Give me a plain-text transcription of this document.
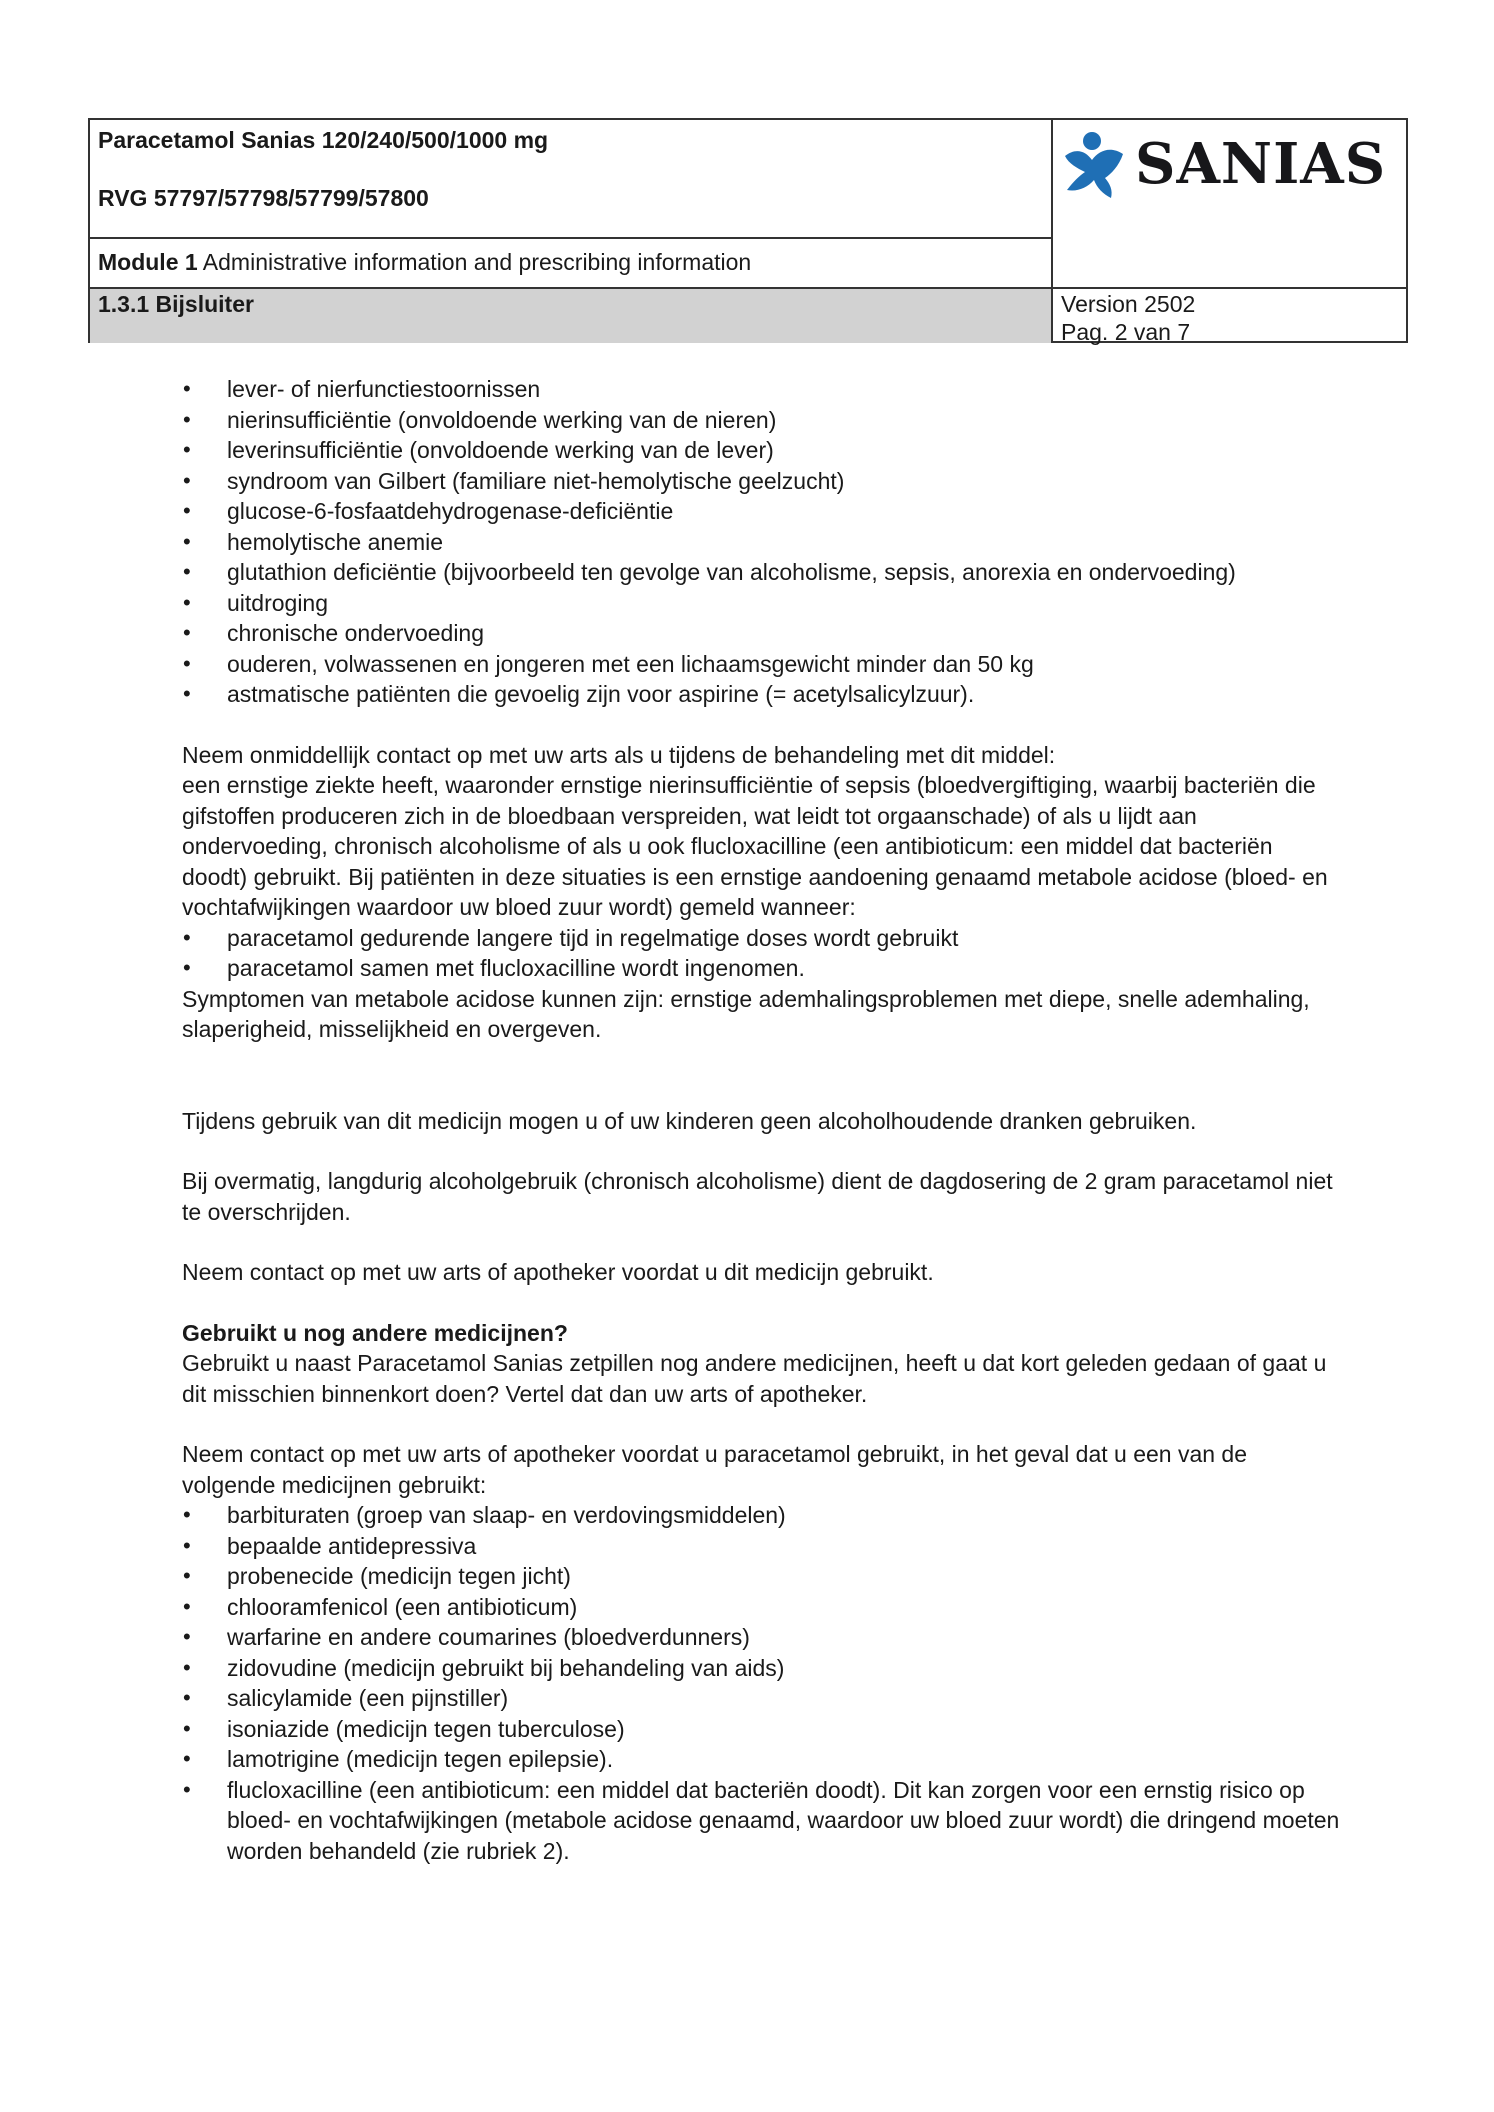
Paracetamol Sanias 120/240/500/1000 mg
RVG 57797/57798/57799/57800
SANIAS
Module 1 Administrative information and prescribing information
1.3.1 Bijsluiter	Version 2502
Pag. 2 van 7
• lever- of nierfunctiestoornissen
• nierinsufficiëntie (onvoldoende werking van de nieren)
• leverinsufficiëntie (onvoldoende werking van de lever)
• syndroom van Gilbert (familiare niet-hemolytische geelzucht)
• glucose-6-fosfaatdehydrogenase-deficiëntie
• hemolytische anemie
• glutathion deficiëntie (bijvoorbeeld ten gevolge van alcoholisme, sepsis, anorexia en ondervoeding)
• uitdroging
• chronische ondervoeding
• ouderen, volwassenen en jongeren met een lichaamsgewicht minder dan 50 kg
• astmatische patiënten die gevoelig zijn voor aspirine (= acetylsalicylzuur).

Neem onmiddellijk contact op met uw arts als u tijdens de behandeling met dit middel:

een ernstige ziekte heeft, waaronder ernstige nierinsufficiëntie of sepsis (bloedvergiftiging, waarbij bacteriën die gifstoffen produceren zich in de bloedbaan verspreiden, wat leidt tot orgaanschade) of als u lijdt aan ondervoeding, chronisch alcoholisme of als u ook flucloxacilline (een antibioticum: een middel dat bacteriën doodt) gebruikt. Bij patiënten in deze situaties is een ernstige aandoening genaamd metabole acidose (bloed- en vochtafwijkingen waardoor uw bloed zuur wordt) gemeld wanneer:

• paracetamol gedurende langere tijd in regelmatige doses wordt gebruikt
• paracetamol samen met flucloxacilline wordt ingenomen.

Symptomen van metabole acidose kunnen zijn: ernstige ademhalingsproblemen met diepe, snelle ademhaling, slaperigheid, misselijkheid en overgeven.

Tijdens gebruik van dit medicijn mogen u of uw kinderen geen alcoholhoudende dranken gebruiken.

Bij overmatig, langdurig alcoholgebruik (chronisch alcoholisme) dient de dagdosering de 2 gram paracetamol niet te overschrijden.

Neem contact op met uw arts of apotheker voordat u dit medicijn gebruikt.

Gebruikt u nog andere medicijnen?

Gebruikt u naast Paracetamol Sanias zetpillen nog andere medicijnen, heeft u dat kort geleden gedaan of gaat u dit misschien binnenkort doen? Vertel dat dan uw arts of apotheker.

Neem contact op met uw arts of apotheker voordat u paracetamol gebruikt, in het geval dat u een van de volgende medicijnen gebruikt:

• barbituraten (groep van slaap- en verdovingsmiddelen)
• bepaalde antidepressiva
• probenecide (medicijn tegen jicht)
• chlooramfenicol (een antibioticum)
• warfarine en andere coumarines (bloedverdunners)
• zidovudine (medicijn gebruikt bij behandeling van aids)
• salicylamide (een pijnstiller)
• isoniazide (medicijn tegen tuberculose)
• lamotrigine (medicijn tegen epilepsie).
• flucloxacilline (een antibioticum: een middel dat bacteriën doodt). Dit kan zorgen voor een ernstig risico op bloed- en vochtafwijkingen (metabole acidose genaamd, waardoor uw bloed zuur wordt) die dringend moeten worden behandeld (zie rubriek 2).
